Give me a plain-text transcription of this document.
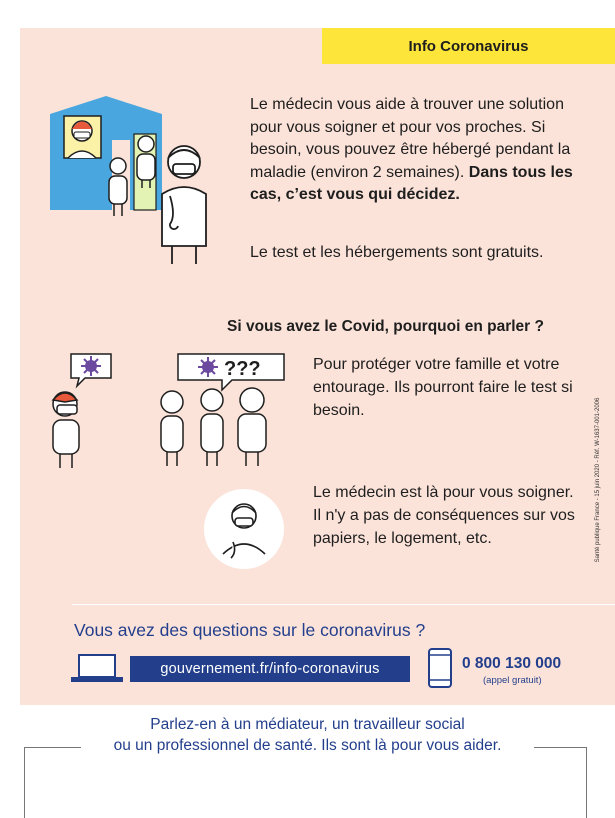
Info Coronavirus

Le médecin vous aide à trouver une solution pour vous soigner et pour vos proches. Si besoin, vous pouvez être hébergé pendant la maladie (environ 2 semaines). Dans tous les cas, c’est vous qui décidez.

Le test et les hébergements sont gratuits.

Si vous avez le Covid, pourquoi en parler ?
???	Pour protéger votre famille et votre entourage. Ils pourront faire le test si besoin.

Le médecin est là pour vous soigner. Il n'y a pas de conséquences sur vos papiers, le logement, etc.	Santé publique France - 15 juin 2020 - Réf. W-1637-001-2006
Vous avez des questions sur le coronavirus ?
gouvernement.fr/info-coronavirus	0 800 130 000
(appel gratuit)
Parlez-en à un médiateur, un travailleur social
ou un professionnel de santé. Ils sont là pour vous aider.
